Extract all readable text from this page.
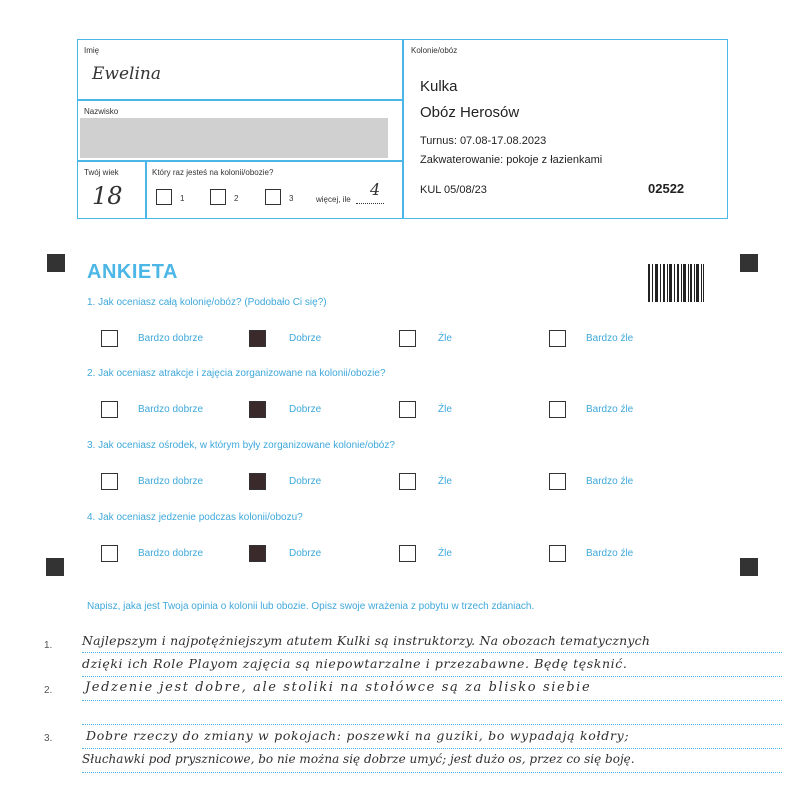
Imię
Ewelina
Nazwisko
Twój wiek
18
Który raz jesteś na kolonii/obozie?
1	2	3	więcej, ile
4
Kolonie/obóz
Kulka
Obóz Herosów
Turnus: 07.08-17.08.2023
Zakwaterowanie: pokoje z łazienkami
KUL 05/08/23	02522
ANKIETA
1. Jak oceniasz całą kolonię/obóz? (Podobało Ci się?)
Bardzo dobrze	Dobrze	Źle	Bardzo źle
2. Jak oceniasz atrakcje i zajęcia zorganizowane na kolonii/obozie?
Bardzo dobrze	Dobrze	Źle	Bardzo źle
3. Jak oceniasz ośrodek, w którym były zorganizowane kolonie/obóz?
Bardzo dobrze	Dobrze	Źle	Bardzo źle
4. Jak oceniasz jedzenie podczas kolonii/obozu?
Bardzo dobrze	Dobrze	Źle	Bardzo źle
Napisz, jaka jest Twoja opinia o kolonii lub obozie. Opisz swoje wrażenia z pobytu w trzech zdaniach.
1.
2.
3.
Najlepszym i najpotężniejszym atutem Kulki są instruktorzy. Na obozach tematycznych
dzięki ich Role Playom zajęcia są niepowtarzalne i przezabawne. Będę tęsknić.
Jedzenie jest dobre, ale stoliki na stołówce są za blisko siebie
Dobre rzeczy do zmiany w pokojach: poszewki na guziki, bo wypadają kołdry;
Słuchawki pod prysznicowe, bo nie można się dobrze umyć; jest dużo os, przez co się boję.
